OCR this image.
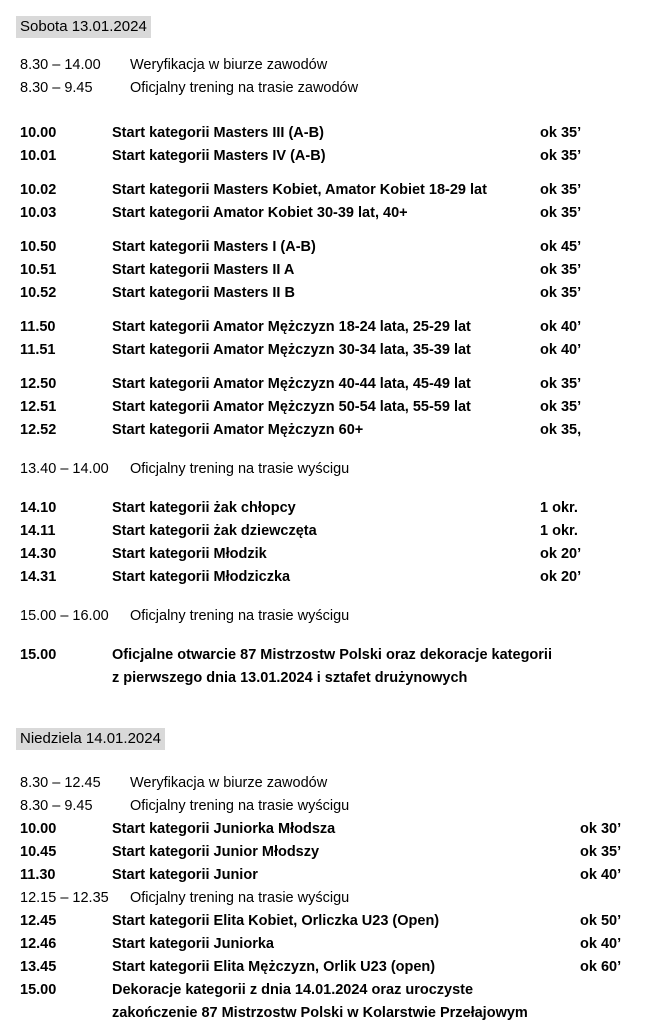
Sobota 13.01.2024
8.30 – 14.00	Weryfikacja w biurze zawodów
8.30 – 9.45	Oficjalny trening na trasie zawodów
10.00	Start kategorii Masters III (A-B)	ok 35’
10.01	Start kategorii Masters IV (A-B)	ok 35’
10.02	Start kategorii Masters Kobiet, Amator Kobiet 18-29 lat	ok 35’
10.03	Start kategorii Amator Kobiet 30-39 lat, 40+	ok 35’
10.50	Start kategorii Masters I (A-B)	ok 45’
10.51	Start kategorii Masters II A	ok 35’
10.52	Start kategorii Masters II B	ok 35’
11.50	Start kategorii Amator Mężczyzn 18-24 lata, 25-29 lat	ok 40’
11.51	Start kategorii Amator Mężczyzn 30-34 lata, 35-39 lat	ok 40’
12.50	Start kategorii Amator Mężczyzn 40-44 lata, 45-49 lat	ok 35’
12.51	Start kategorii Amator Mężczyzn 50-54 lata, 55-59 lat	ok 35’
12.52	Start kategorii Amator Mężczyzn 60+	ok 35,
13.40 – 14.00	Oficjalny trening na trasie wyścigu
14.10	Start kategorii żak chłopcy	1 okr.
14.11	Start kategorii żak dziewczęta	1 okr.
14.30	Start kategorii Młodzik	ok 20’
14.31	Start kategorii Młodziczka	ok 20’
15.00 – 16.00	Oficjalny trening na trasie wyścigu
15.00	Oficjalne otwarcie 87 Mistrzostw Polski oraz dekoracje kategorii
z pierwszego dnia 13.01.2024 i sztafet drużynowych
Niedziela 14.01.2024
8.30 – 12.45	Weryfikacja w biurze zawodów
8.30 – 9.45	Oficjalny trening na trasie wyścigu
10.00	Start kategorii Juniorka Młodsza	ok 30’
10.45	Start kategorii Junior Młodszy	ok 35’
11.30	Start kategorii Junior	ok 40’
12.15 – 12.35	Oficjalny trening na trasie wyścigu
12.45	Start kategorii Elita Kobiet, Orliczka U23 (Open)	ok 50’
12.46	Start kategorii Juniorka	ok 40’
13.45	Start kategorii Elita Mężczyzn, Orlik U23 (open)	ok 60’
15.00	Dekoracje kategorii z dnia 14.01.2024 oraz uroczyste
zakończenie 87 Mistrzostw Polski w Kolarstwie Przełajowym
